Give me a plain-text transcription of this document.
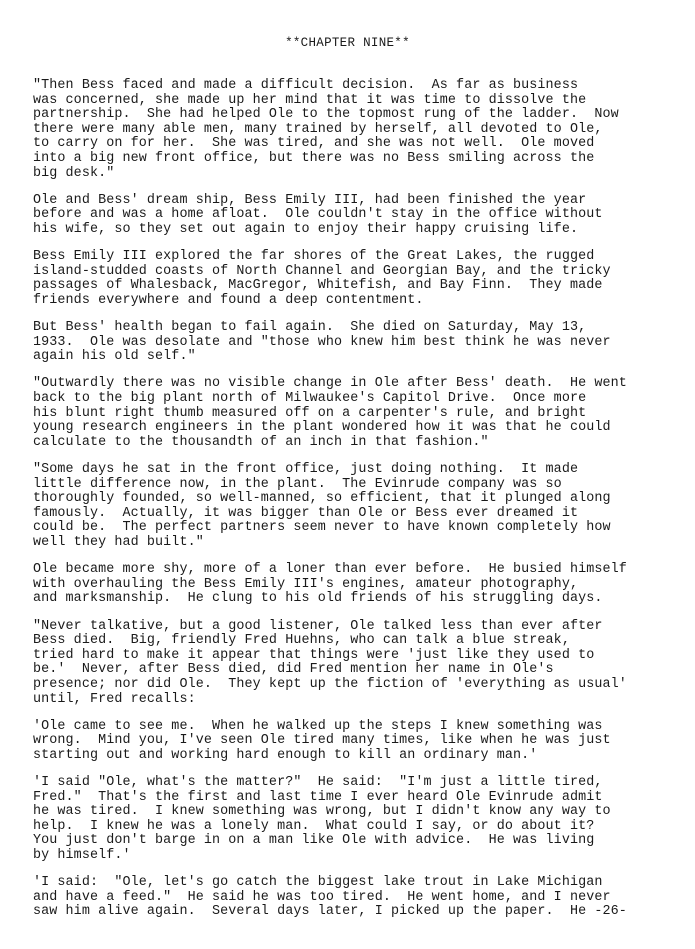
**CHAPTER NINE**

"Then Bess faced and made a difficult decision.  As far as business
was concerned, she made up her mind that it was time to dissolve the
partnership.  She had helped Ole to the topmost rung of the ladder.  Now
there were many able men, many trained by herself, all devoted to Ole,
to carry on for her.  She was tired, and she was not well.  Ole moved
into a big new front office, but there was no Bess smiling across the
big desk."

Ole and Bess' dream ship, Bess Emily III, had been finished the year
before and was a home afloat.  Ole couldn't stay in the office without
his wife, so they set out again to enjoy their happy cruising life.

Bess Emily III explored the far shores of the Great Lakes, the rugged
island-studded coasts of North Channel and Georgian Bay, and the tricky
passages of Whalesback, MacGregor, Whitefish, and Bay Finn.  They made
friends everywhere and found a deep contentment.

But Bess' health began to fail again.  She died on Saturday, May 13,
1933.  Ole was desolate and "those who knew him best think he was never
again his old self."

"Outwardly there was no visible change in Ole after Bess' death.  He went
back to the big plant north of Milwaukee's Capitol Drive.  Once more
his blunt right thumb measured off on a carpenter's rule, and bright
young research engineers in the plant wondered how it was that he could
calculate to the thousandth of an inch in that fashion."

"Some days he sat in the front office, just doing nothing.  It made
little difference now, in the plant.  The Evinrude company was so
thoroughly founded, so well-manned, so efficient, that it plunged along
famously.  Actually, it was bigger than Ole or Bess ever dreamed it
could be.  The perfect partners seem never to have known completely how
well they had built."

Ole became more shy, more of a loner than ever before.  He busied himself
with overhauling the Bess Emily III's engines, amateur photography,
and marksmanship.  He clung to his old friends of his struggling days.

"Never talkative, but a good listener, Ole talked less than ever after
Bess died.  Big, friendly Fred Huehns, who can talk a blue streak,
tried hard to make it appear that things were 'just like they used to
be.'  Never, after Bess died, did Fred mention her name in Ole's
presence; nor did Ole.  They kept up the fiction of 'everything as usual'
until, Fred recalls:

'Ole came to see me.  When he walked up the steps I knew something was
wrong.  Mind you, I've seen Ole tired many times, like when he was just
starting out and working hard enough to kill an ordinary man.'

'I said "Ole, what's the matter?"  He said:  "I'm just a little tired,
Fred."  That's the first and last time I ever heard Ole Evinrude admit
he was tired.  I knew something was wrong, but I didn't know any way to
help.  I knew he was a lonely man.  What could I say, or do about it?
You just don't barge in on a man like Ole with advice.  He was living
by himself.'

'I said:  "Ole, let's go catch the biggest lake trout in Lake Michigan
and have a feed."  He said he was too tired.  He went home, and I never
saw him alive again.  Several days later, I picked up the paper.  He -26-
